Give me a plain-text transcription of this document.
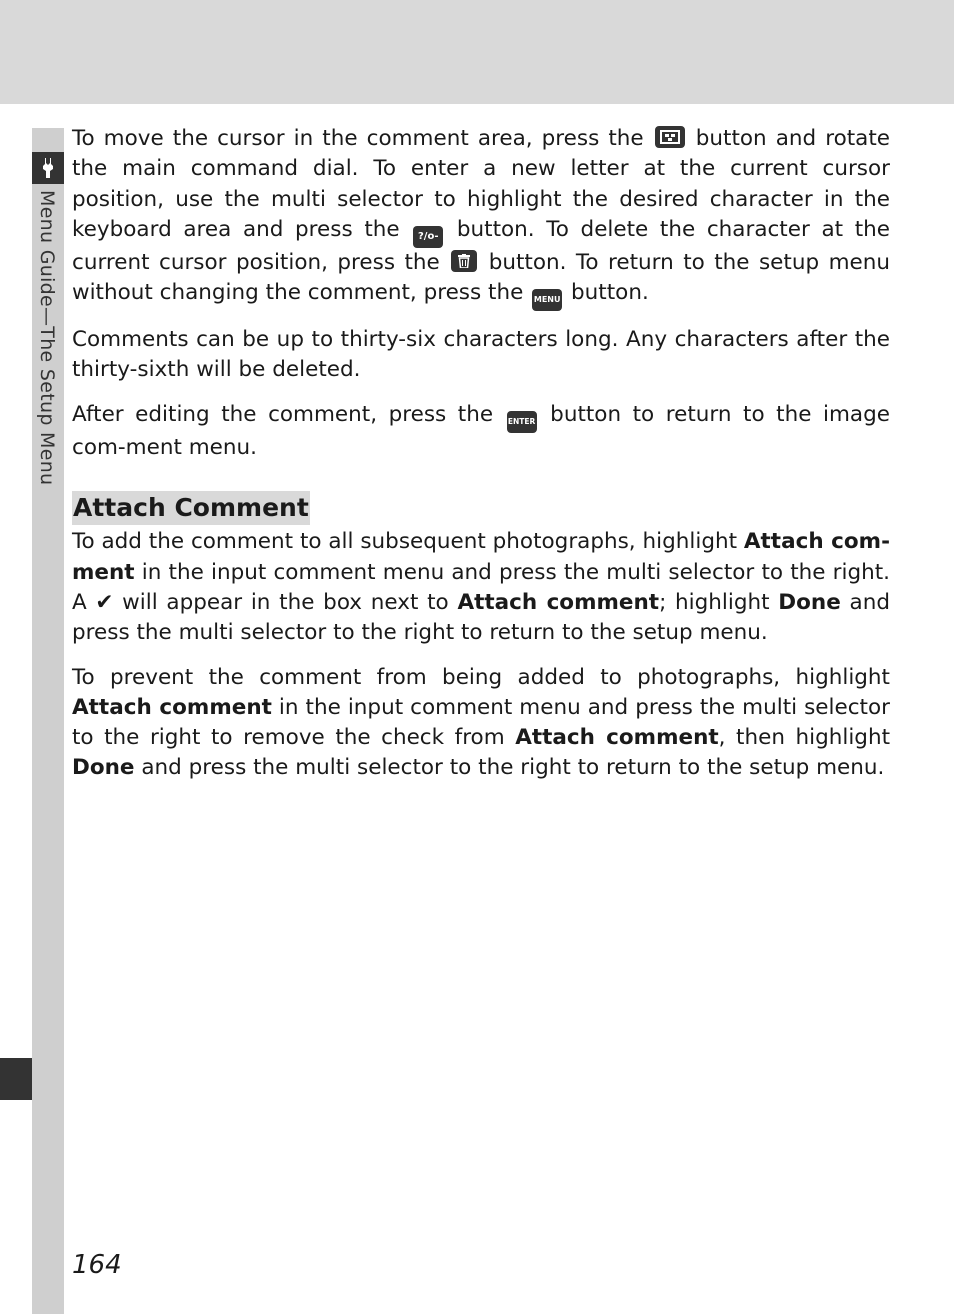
Menu Guide—The Setup Menu

To move the cursor in the comment area, press the button and rotate the main command dial. To enter a new letter at the current cursor position, use the multi selector to highlight the desired character in the keyboard area and press the ?/o- button. To delete the character at the current cursor position, press the button. To return to the setup menu without changing the comment, press the MENU button.

Comments can be up to thirty-six characters long. Any characters after the thirty-sixth will be deleted.

After editing the comment, press the ENTER button to return to the image com-ment menu.

Attach Comment

To add the comment to all subsequent photographs, highlight Attach com-ment in the input comment menu and press the multi selector to the right. A ✔ will appear in the box next to Attach comment; highlight Done and press the multi selector to the right to return to the setup menu.

To prevent the comment from being added to photographs, highlight Attach comment in the input comment menu and press the multi selector to the right to remove the check from Attach comment, then highlight Done and press the multi selector to the right to return to the setup menu.

164
